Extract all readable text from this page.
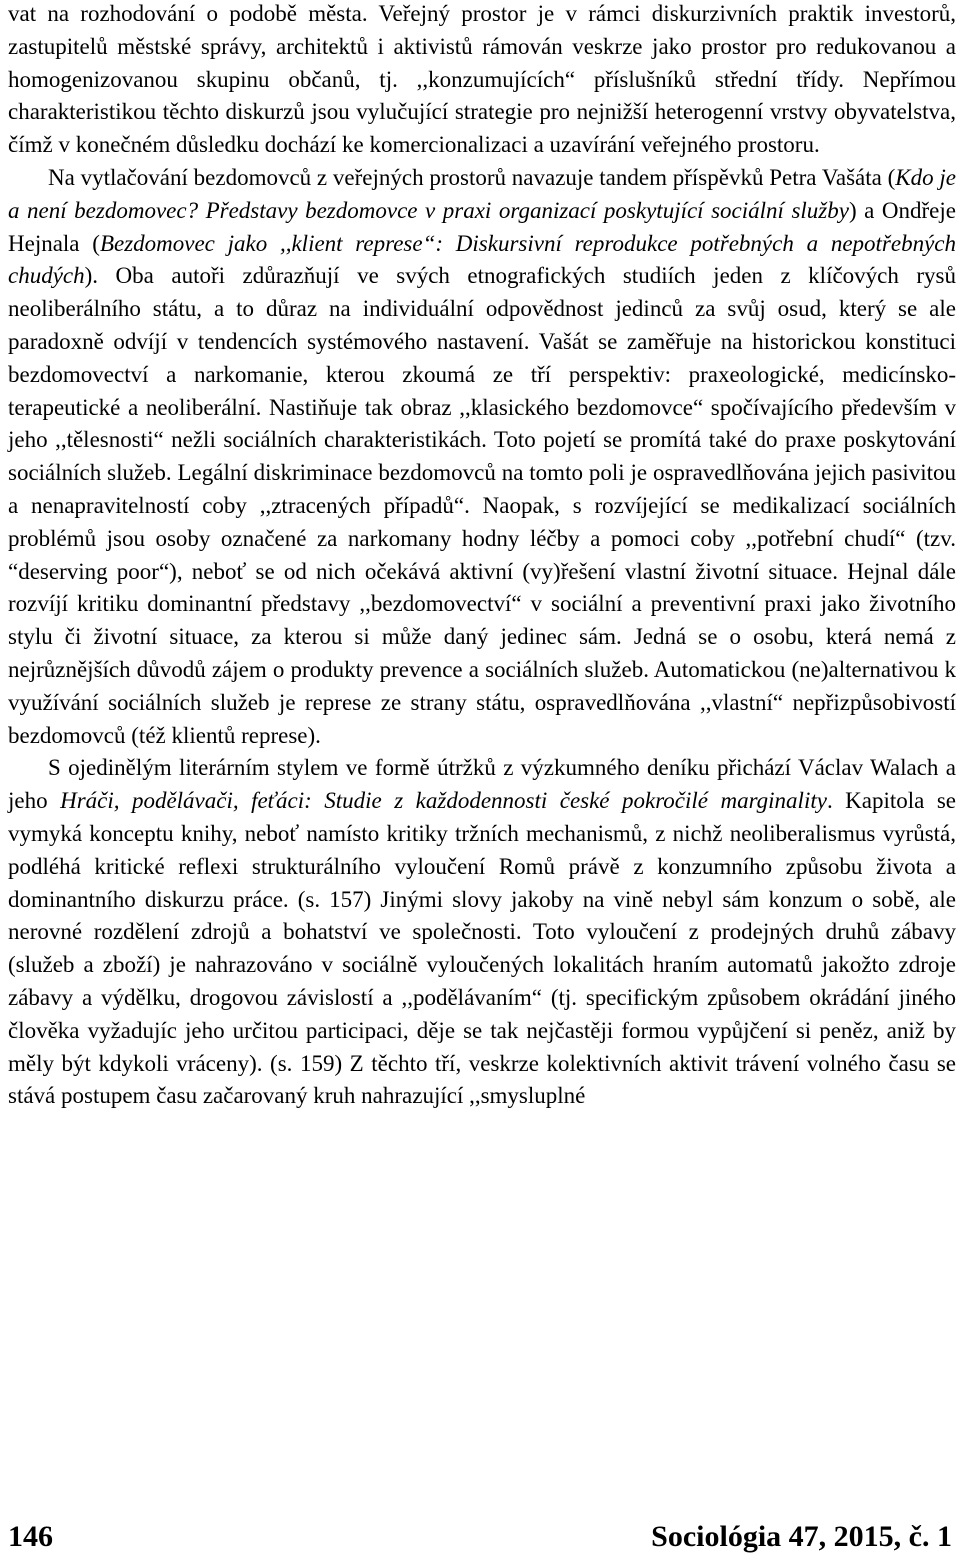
vat na rozhodování o podobě města. Veřejný prostor je v rámci diskurzivních praktik investorů, zastupitelů městské správy, architektů i aktivistů rámován veskrze jako prostor pro redukovanou a homogenizovanou skupinu občanů, tj. ,,konzumujících“ příslušníků střední třídy. Nepřímou charakteristikou těchto diskurzů jsou vylučující strategie pro nejnižší heterogenní vrstvy obyvatelstva, čímž v konečném důsledku dochází ke komercionalizaci a uzavírání veřejného prostoru.

Na vytlačování bezdomovců z veřejných prostorů navazuje tandem příspěvků Petra Vašáta (Kdo je a není bezdomovec? Představy bezdomovce v praxi organizací poskytující sociální služby) a Ondřeje Hejnala (Bezdomovec jako ,,klient represe“: Diskursivní reprodukce potřebných a nepotřebných chudých). Oba autoři zdůrazňují ve svých etnografických studiích jeden z klíčových rysů neoliberálního státu, a to důraz na individuální odpovědnost jedinců za svůj osud, který se ale paradoxně odvíjí v tendencích systémového nastavení. Vašát se zaměřuje na historickou konstituci bezdomovectví a narkomanie, kterou zkoumá ze tří perspektiv: praxeologické, medicínsko-terapeutické a neoliberální. Nastiňuje tak obraz ,,klasického bezdomovce“ spočívajícího především v jeho ,,tělesnosti“ nežli sociálních charakteristikách. Toto pojetí se promítá také do praxe poskytování sociálních služeb. Legální diskriminace bezdomovců na tomto poli je ospravedlňována jejich pasivitou a nenapravitelností coby ,,ztracených případů“. Naopak, s rozvíjející se medikalizací sociálních problémů jsou osoby označené za narkomany hodny léčby a pomoci coby ,,potřební chudí“ (tzv. “deserving poor“), neboť se od nich očekává aktivní (vy)řešení vlastní životní situace. Hejnal dále rozvíjí kritiku dominantní představy ,,bezdomovectví“ v sociální a preventivní praxi jako životního stylu či životní situace, za kterou si může daný jedinec sám. Jedná se o osobu, která nemá z nejrůznějších důvodů zájem o produkty prevence a sociálních služeb. Automatickou (ne)alternativou k využívání sociálních služeb je represe ze strany státu, ospravedlňována ,,vlastní“ nepřizpůsobivostí bezdomovců (též klientů represe).

S ojedinělým literárním stylem ve formě útržků z výzkumného deníku přichází Václav Walach a jeho Hráči, podělávači, feťáci: Studie z každodennosti české pokročilé marginality. Kapitola se vymyká konceptu knihy, neboť namísto kritiky tržních mechanismů, z nichž neoliberalismus vyrůstá, podléhá kritické reflexi strukturálního vyloučení Romů právě z konzumního způsobu života a dominantního diskurzu práce. (s. 157) Jinými slovy jakoby na vině nebyl sám konzum o sobě, ale nerovné rozdělení zdrojů a bohatství ve společnosti. Toto vyloučení z prodejných druhů zábavy (služeb a zboží) je nahrazováno v sociálně vyloučených lokalitách hraním automatů jakožto zdroje zábavy a výdělku, drogovou závislostí a ,,podělávaním“ (tj. specifickým způsobem okrádání jiného člověka vyžadujíc jeho určitou participaci, děje se tak nejčastěji formou vypůjčení si peněz, aniž by měly být kdykoli vráceny). (s. 159) Z těchto tří, veskrze kolektivních aktivit trávení volného času se stává postupem času začarovaný kruh nahrazující ,,smysluplné

146	Sociológia 47, 2015, č. 1
